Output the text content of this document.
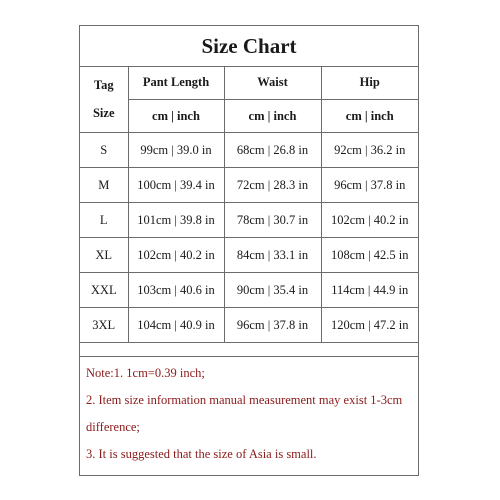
Size Chart
Tag
Size	Pant Length	Waist	Hip
	cm | inch	cm | inch	cm | inch
S	99cm | 39.0 in	68cm | 26.8 in	92cm | 36.2 in
M	100cm | 39.4 in	72cm | 28.3 in	96cm | 37.8 in
L	101cm | 39.8 in	78cm | 30.7 in	102cm | 40.2 in
XL	102cm | 40.2 in	84cm | 33.1 in	108cm | 42.5 in
XXL	103cm | 40.6 in	90cm | 35.4 in	114cm | 44.9 in
3XL	104cm | 40.9 in	96cm | 37.8 in	120cm | 47.2 in
Note:1. 1cm=0.39 inch;
2. Item size information manual measurement may exist 1-3cm
difference;
3. It is suggested that the size of Asia is small.
